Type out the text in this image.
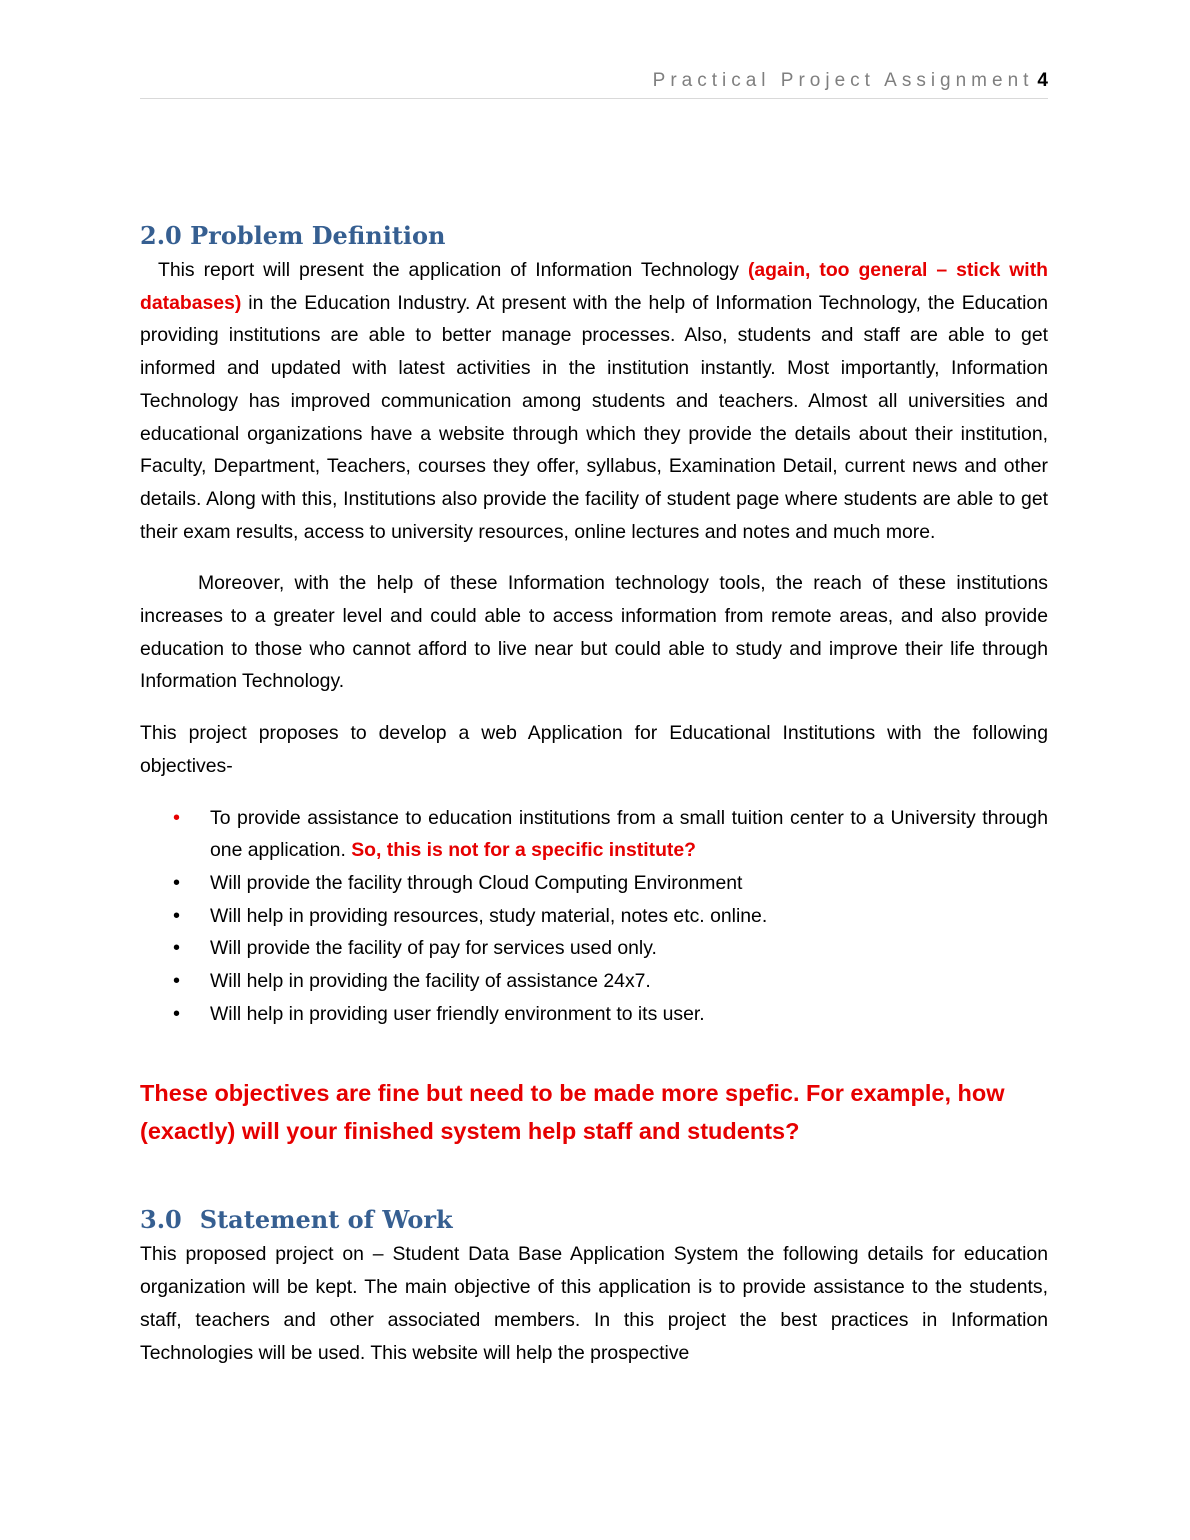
Practical Project Assignment 4
2.0 Problem Definition

This report will present the application of Information Technology (again, too general – stick with databases) in the Education Industry. At present with the help of Information Technology, the Education providing institutions are able to better manage processes. Also, students and staff are able to get informed and updated with latest activities in the institution instantly. Most importantly, Information Technology has improved communication among students and teachers. Almost all universities and educational organizations have a website through which they provide the details about their institution, Faculty, Department, Teachers, courses they offer, syllabus, Examination Detail, current news and other details. Along with this, Institutions also provide the facility of student page where students are able to get their exam results, access to university resources, online lectures and notes and much more.

Moreover, with the help of these Information technology tools, the reach of these institutions increases to a greater level and could able to access information from remote areas, and also provide education to those who cannot afford to live near but could able to study and improve their life through Information Technology.

This project proposes to develop a web Application for Educational Institutions with the following objectives-

• To provide assistance to education institutions from a small tuition center to a University through one application. So, this is not for a specific institute?
• Will provide the facility through Cloud Computing Environment
• Will help in providing resources, study material, notes etc. online.
• Will provide the facility of pay for services used only.
• Will help in providing the facility of assistance 24x7.
• Will help in providing user friendly environment to its user.
These objectives are fine but need to be made more spefic. For example, how (exactly) will your finished system help staff and students?
3.0 Statement of Work

This proposed project on – Student Data Base Application System the following details for education organization will be kept. The main objective of this application is to provide assistance to the students, staff, teachers and other associated members. In this project the best practices in Information Technologies will be used. This website will help the prospective
